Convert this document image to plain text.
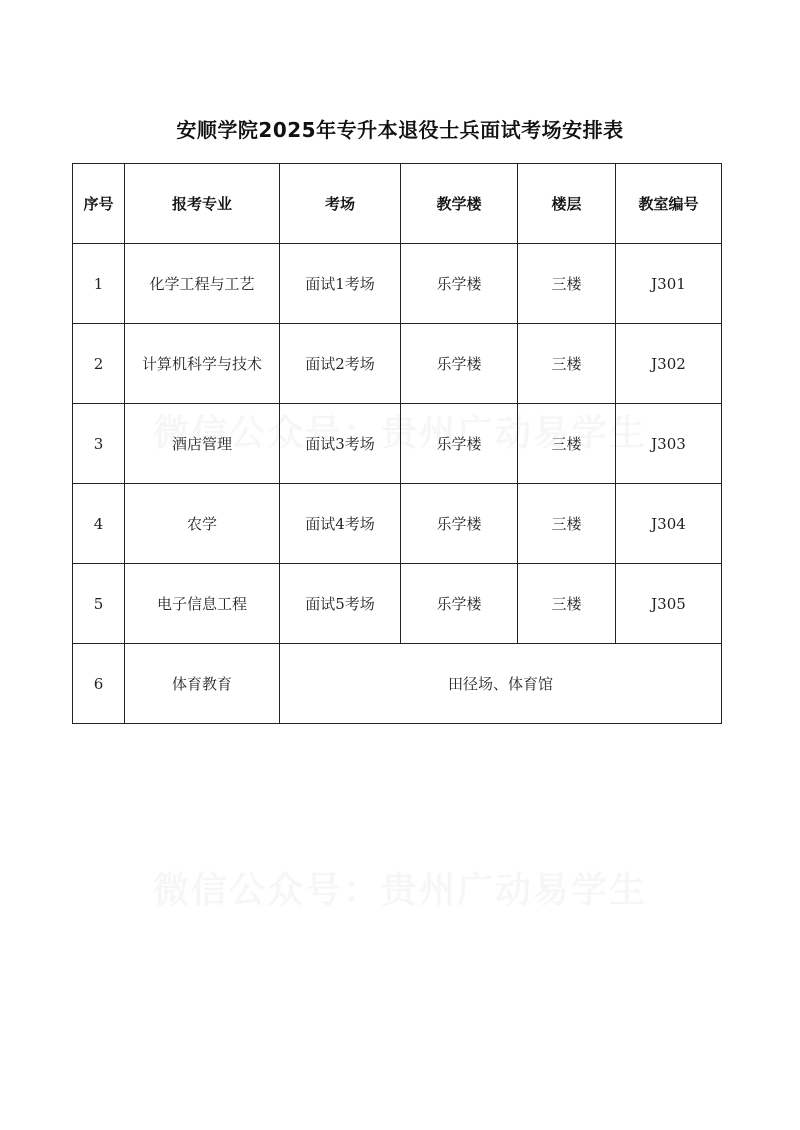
安顺学院2025年专升本退役士兵面试考场安排表
序号	报考专业	考场	教学楼	楼层	教室编号
1	化学工程与工艺	面试1考场	乐学楼	三楼	J301
2	计算机科学与技术	面试2考场	乐学楼	三楼	J302
3	酒店管理	面试3考场	乐学楼	三楼	J303
4	农学	面试4考场	乐学楼	三楼	J304
5	电子信息工程	面试5考场	乐学楼	三楼	J305
6	体育教育	田径场、体育馆			
